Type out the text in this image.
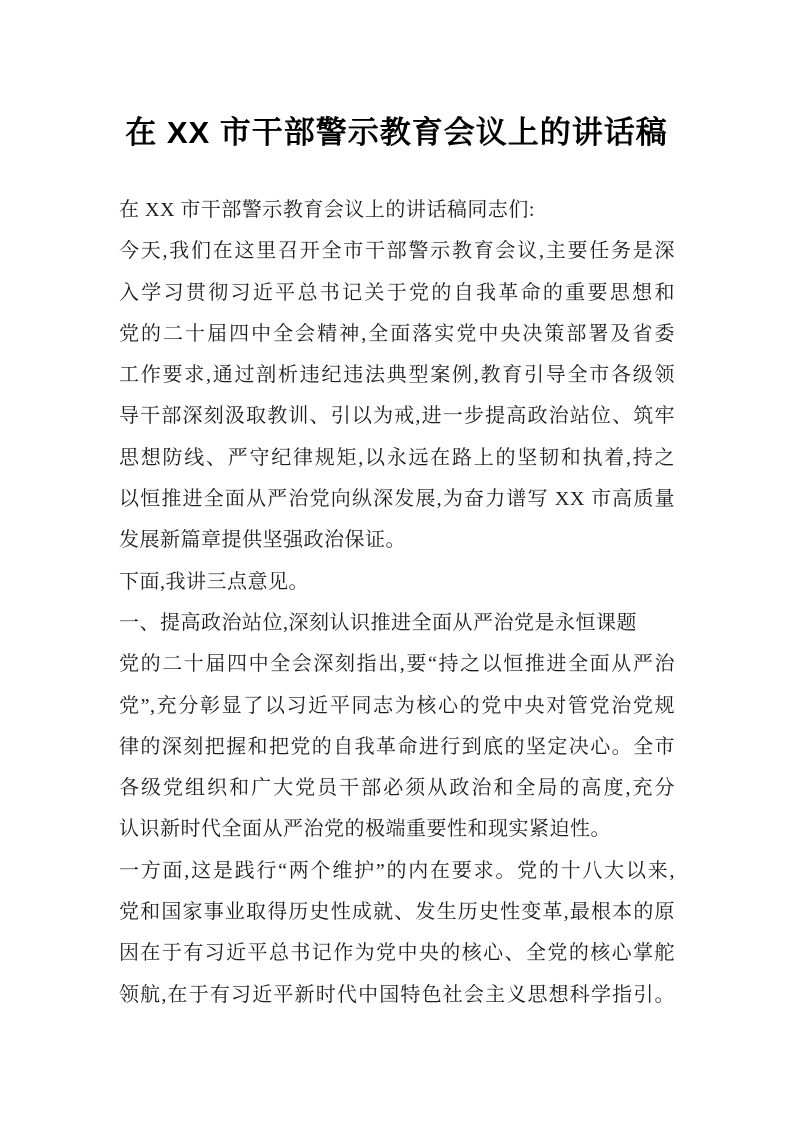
在 XX 市干部警示教育会议上的讲话稿
在 XX 市干部警示教育会议上的讲话稿同志们:
今天,我们在这里召开全市干部警示教育会议,主要任务是深
入学习贯彻习近平总书记关于党的自我革命的重要思想和
党的二十届四中全会精神,全面落实党中央决策部署及省委
工作要求,通过剖析违纪违法典型案例,教育引导全市各级领
导干部深刻汲取教训、引以为戒,进一步提高政治站位、筑牢
思想防线、严守纪律规矩,以永远在路上的坚韧和执着,持之
以恒推进全面从严治党向纵深发展,为奋力谱写 XX 市高质量
发展新篇章提供坚强政治保证。
下面,我讲三点意见。
一、提高政治站位,深刻认识推进全面从严治党是永恒课题
党的二十届四中全会深刻指出,要“持之以恒推进全面从严治
党”,充分彰显了以习近平同志为核心的党中央对管党治党规
律的深刻把握和把党的自我革命进行到底的坚定决心。全市
各级党组织和广大党员干部必须从政治和全局的高度,充分
认识新时代全面从严治党的极端重要性和现实紧迫性。
一方面,这是践行“两个维护”的内在要求。党的十八大以来,
党和国家事业取得历史性成就、发生历史性变革,最根本的原
因在于有习近平总书记作为党中央的核心、全党的核心掌舵
领航,在于有习近平新时代中国特色社会主义思想科学指引。
